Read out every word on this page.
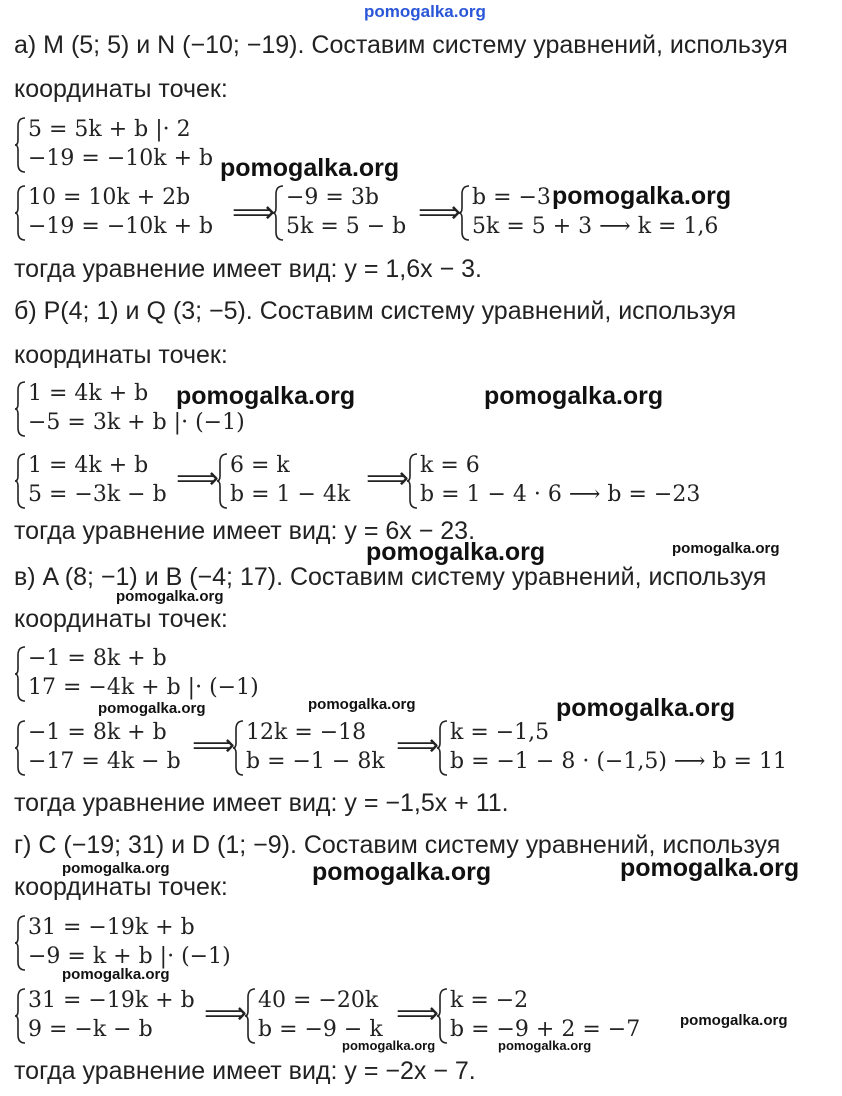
pomogalka.org
а) M (5; 5) и N (−10; −19). Составим систему уравнений, используя
координаты точек:
5 = 5k + b |· 2
−19 = −10k + b
10 = 10k + 2b
−19 = −10k + b ⟹ −9 = 3b
5k = 5 − b ⟹ b = −3
5k = 5 + 3 ⟶ k = 1,6
тогда уравнение имеет вид: y = 1,6x − 3.
б) P(4; 1) и Q (3; −5). Составим систему уравнений, используя
координаты точек:
1 = 4k + b
−5 = 3k + b |· (−1)
1 = 4k + b
5 = −3k − b ⟹ 6 = k
b = 1 − 4k ⟹ k = 6
b = 1 − 4 · 6 ⟶ b = −23
тогда уравнение имеет вид: y = 6x − 23.
в) A (8; −1) и B (−4; 17). Составим систему уравнений, используя
координаты точек:
−1 = 8k + b
17 = −4k + b |· (−1)
−1 = 8k + b
−17 = 4k − b ⟹ 12k = −18
b = −1 − 8k ⟹ k = −1,5
b = −1 − 8 · (−1,5) ⟶ b = 11
тогда уравнение имеет вид: y = −1,5x + 11.
г) C (−19; 31) и D (1; −9). Составим систему уравнений, используя
координаты точек:
31 = −19k + b
−9 = k + b |· (−1)
31 = −19k + b
9 = −k − b ⟹ 40 = −20k
b = −9 − k ⟹ k = −2
b = −9 + 2 = −7
тогда уравнение имеет вид: y = −2x − 7.
pomogalka.org
pomogalka.org
pomogalka.org	pomogalka.org
pomogalka.org	pomogalka.org
pomogalka.org
pomogalka.org
pomogalka.org	pomogalka.org
pomogalka.org	pomogalka.org	pomogalka.org
pomogalka.org
pomogalka.org
pomogalka.org	pomogalka.org
